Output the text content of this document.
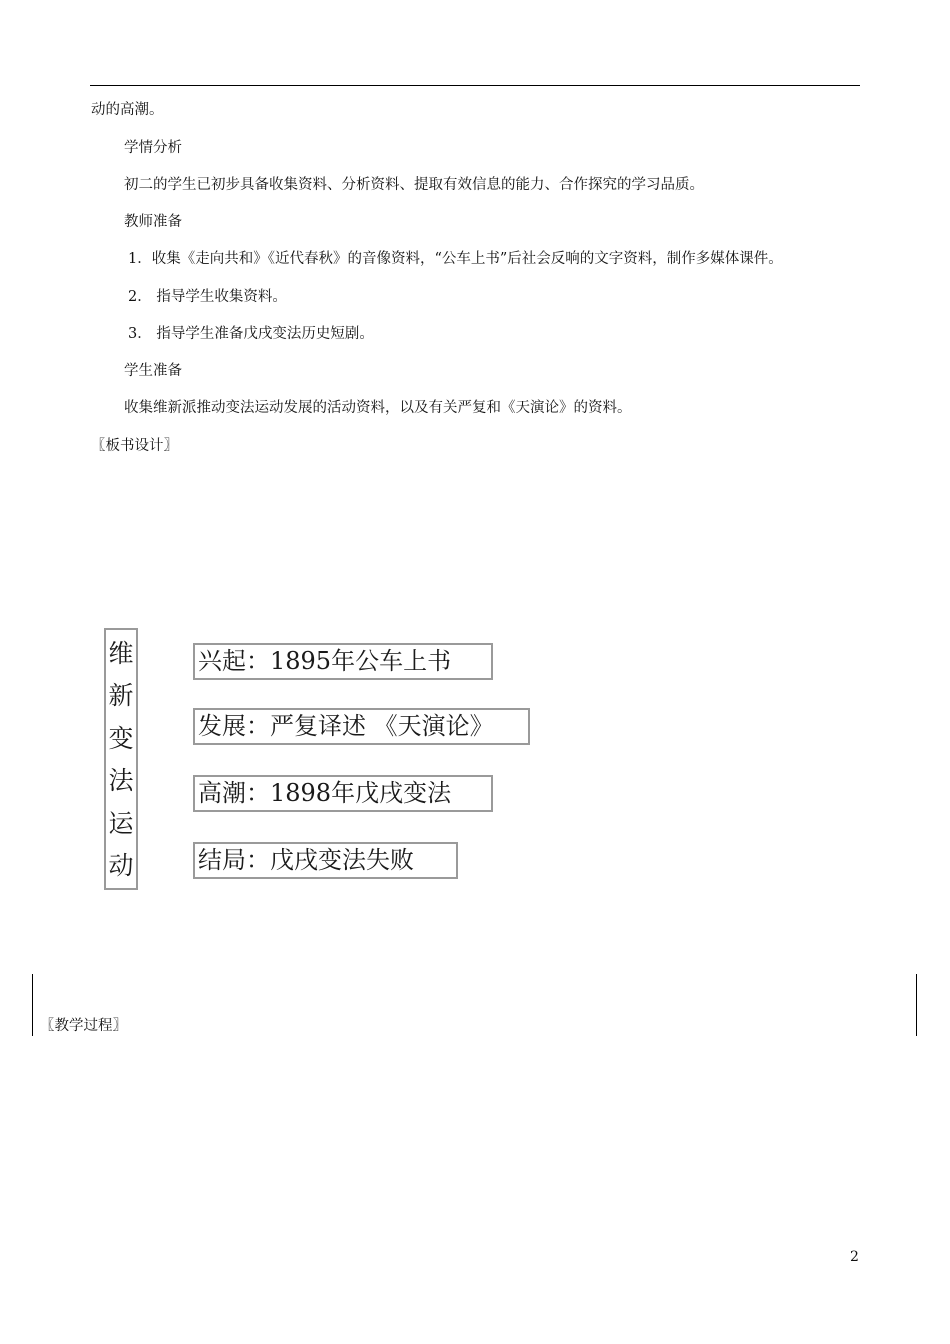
动的高潮。
学情分析
初二的学生已初步具备收集资料、分析资料、提取有效信息的能力、合作探究的学习品质。
教师准备
1．收集《走向共和》《近代春秋》的音像资料，“公车上书”后社会反响的文字资料，制作多媒体课件。
2． 指导学生收集资料。
3． 指导学生准备戊戌变法历史短剧。
学生准备
收集维新派推动变法运动发展的活动资料，以及有关严复和《天演论》的资料。
〖板书设计〗
维
新
变
法
运
动
兴起：1895年公车上书
发展：严复译述 《天演论》
高潮：1898年戊戌变法
结局：戊戌变法失败
〖教学过程〗
2
